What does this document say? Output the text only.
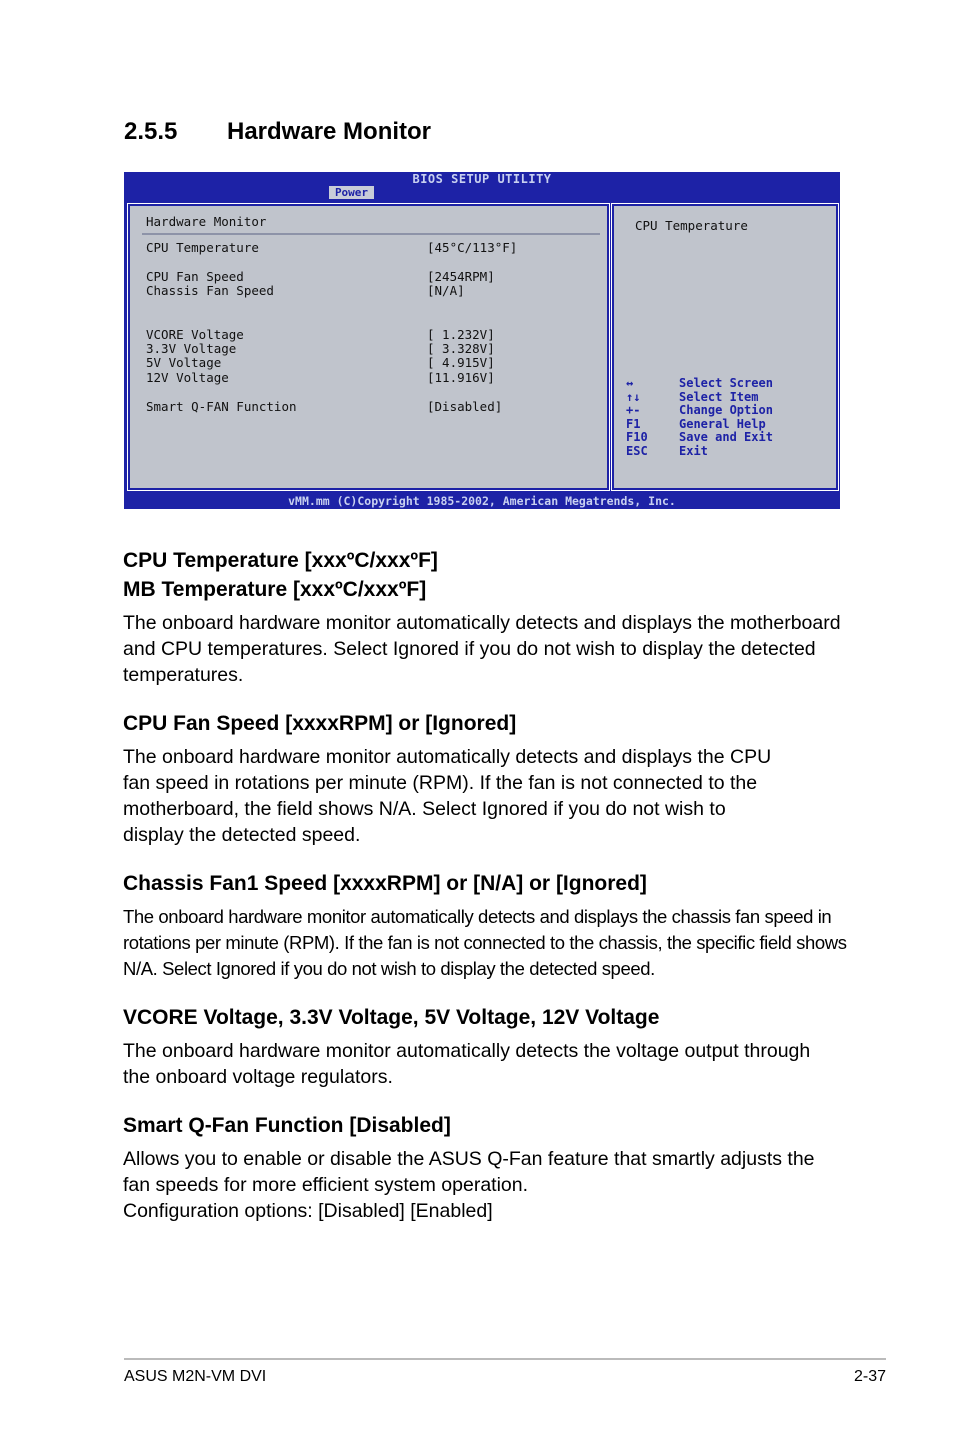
2.5.5 Hardware Monitor
BIOS SETUP UTILITY
Power
Hardware Monitor
CPU Temperature	[45°C/113°F]
CPU Fan Speed	[2454RPM]
Chassis Fan Speed	[N/A]
VCORE Voltage	[ 1.232V]
3.3V Voltage	[ 3.328V]
5V Voltage	[ 4.915V]
12V Voltage	[11.916V]
Smart Q-FAN Function	[Disabled]
CPU Temperature
↔	Select Screen
↑↓	Select Item
+-	Change Option
F1	General Help
F10	Save and Exit
ESC	Exit
vMM.mm (C)Copyright 1985-2002, American Megatrends, Inc.
CPU Temperature [xxxºC/xxxºF]
MB Temperature [xxxºC/xxxºF]

The onboard hardware monitor automatically detects and displays the motherboard and CPU temperatures. Select Ignored if you do not wish to display the detected temperatures.

CPU Fan Speed [xxxxRPM] or [Ignored]

The onboard hardware monitor automatically detects and displays the CPU fan speed in rotations per minute (RPM). If the fan is not connected to the motherboard, the field shows N/A. Select Ignored if you do not wish to display the detected speed.

Chassis Fan1 Speed [xxxxRPM] or [N/A] or [Ignored]

The onboard hardware monitor automatically detects and displays the chassis fan speed in rotations per minute (RPM). If the fan is not connected to the chassis, the specific field shows N/A. Select Ignored if you do not wish to display the detected speed.

VCORE Voltage, 3.3V Voltage, 5V Voltage, 12V Voltage

The onboard hardware monitor automatically detects the voltage output through the onboard voltage regulators.

Smart Q-Fan Function [Disabled]

Allows you to enable or disable the ASUS Q-Fan feature that smartly adjusts the fan speeds for more efficient system operation.

Configuration options: [Disabled] [Enabled]

ASUS M2N-VM DVI	2-37
